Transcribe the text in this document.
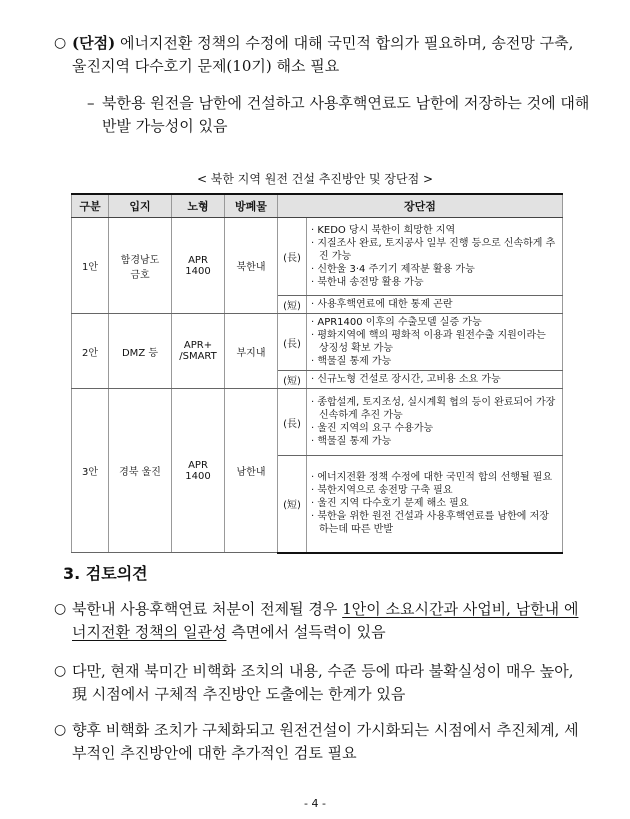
○ (단점) 에너지전환 정책의 수정에 대해 국민적 합의가 필요하며, 송전망 구축, 울진지역 다수호기 문제(10기) 해소 필요
– 북한용 원전을 남한에 건설하고 사용후핵연료도 남한에 저장하는 것에 대해 반발 가능성이 있음
< 북한 지역 원전 건설 추진방안 및 장단점 >
구분	입지	노형	방폐물	장단점	
1안	함경남도 금호	APR 1400	북한내	(長)	· KEDO 당시 북한이 희망한 지역
· 지질조사 완료, 토지공사 일부 진행 등으로 신속하게 추진 가능
· 신한울 3·4 주기기 제작분 활용 가능
· 북한내 송전망 활용 가능

				(短)	· 사용후핵연료에 대한 통제 곤란

2안	DMZ 등	APR+ /SMART	부지내	(長)	· APR1400 이후의 수출모델 실증 가능
· 평화지역에 핵의 평화적 이용과 원전수출 지원이라는 상징성 확보 가능
· 핵물질 통제 가능

				(短)	· 신규노형 건설로 장시간, 고비용 소요 가능

3안	경북 울진	APR 1400	남한내	(長)	· 종합설계, 토지조성, 실시계획 협의 등이 완료되어 가장 신속하게 추진 가능
· 울진 지역의 요구 수용가능
· 핵물질 통제 가능

				(短)	· 에너지전환 정책 수정에 대한 국민적 합의 선행될 필요
· 북한지역으로 송전망 구축 필요
· 울진 지역 다수호기 문제 해소 필요
· 북한을 위한 원전 건설과 사용후핵연료를 남한에 저장하는데 따른 반발
3. 검토의견
○ 북한내 사용후핵연료 처분이 전제될 경우 1안이 소요시간과 사업비, 남한내 에너지전환 정책의 일관성 측면에서 설득력이 있음
○ 다만, 현재 북미간 비핵화 조치의 내용, 수준 등에 따라 불확실성이 매우 높아, 現 시점에서 구체적 추진방안 도출에는 한계가 있음
○ 향후 비핵화 조치가 구체화되고 원전건설이 가시화되는 시점에서 추진체계, 세부적인 추진방안에 대한 추가적인 검토 필요
- 4 -
